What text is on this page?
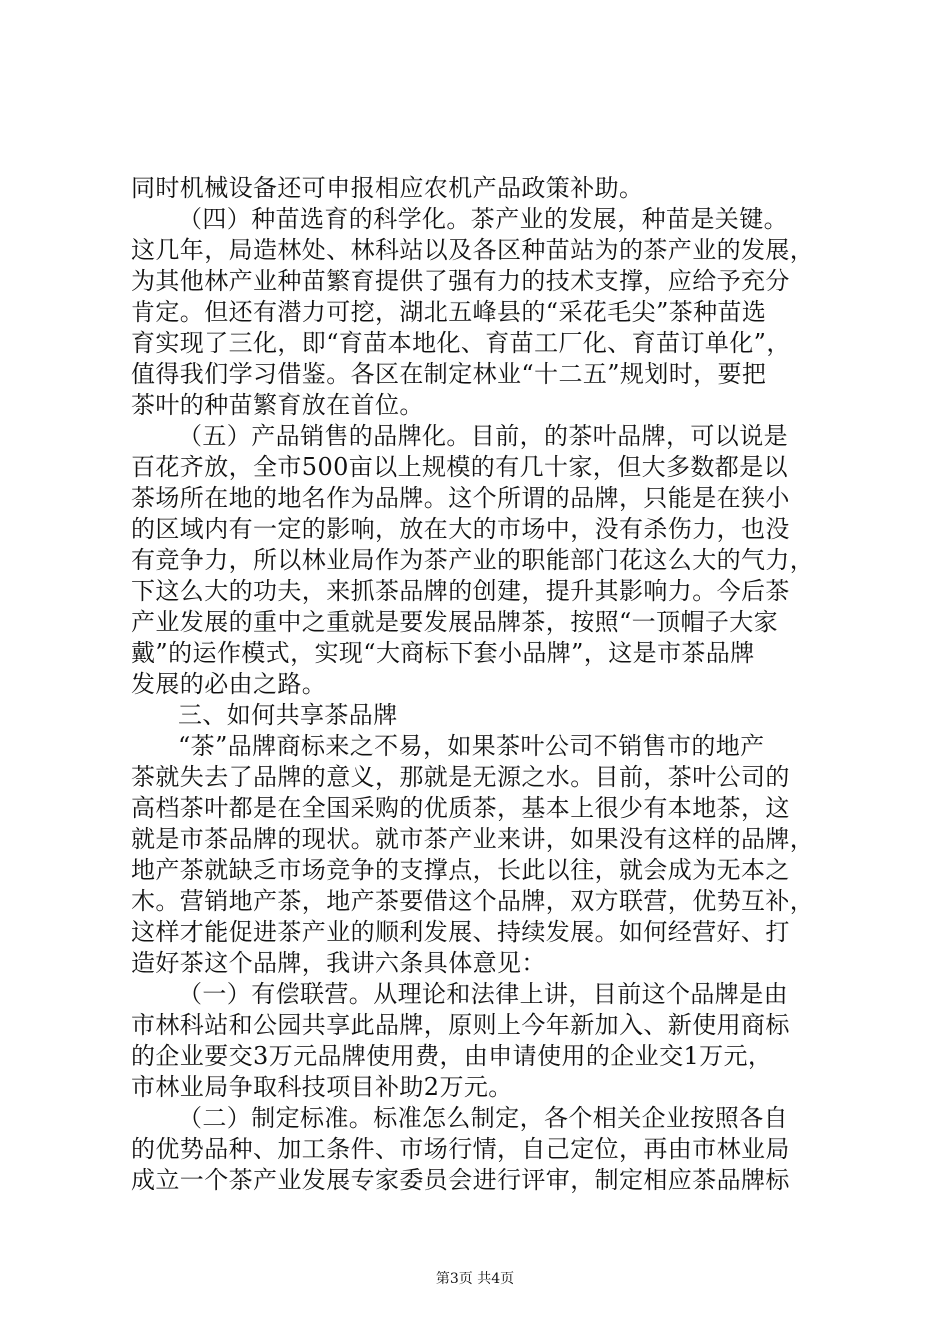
同时机械设备还可申报相应农机产品政策补助。
（四）种苗选育的科学化。茶产业的发展，种苗是关键。
这几年，局造林处、林科站以及各区种苗站为的茶产业的发展，
为其他林产业种苗繁育提供了强有力的技术支撑，应给予充分
肯定。但还有潜力可挖，湖北五峰县的“采花毛尖”茶种苗选
育实现了三化，即“育苗本地化、育苗工厂化、育苗订单化”，
值得我们学习借鉴。各区在制定林业“十二五”规划时，要把
茶叶的种苗繁育放在首位。
（五）产品销售的品牌化。目前，的茶叶品牌，可以说是
百花齐放，全市500亩以上规模的有几十家，但大多数都是以
茶场所在地的地名作为品牌。这个所谓的品牌，只能是在狭小
的区域内有一定的影响，放在大的市场中，没有杀伤力，也没
有竞争力，所以林业局作为茶产业的职能部门花这么大的气力，
下这么大的功夫，来抓茶品牌的创建，提升其影响力。今后茶
产业发展的重中之重就是要发展品牌茶，按照“一顶帽子大家
戴”的运作模式，实现“大商标下套小品牌”，这是市茶品牌
发展的必由之路。
三、如何共享茶品牌
“茶”品牌商标来之不易，如果茶叶公司不销售市的地产
茶就失去了品牌的意义，那就是无源之水。目前，茶叶公司的
高档茶叶都是在全国采购的优质茶，基本上很少有本地茶，这
就是市茶品牌的现状。就市茶产业来讲，如果没有这样的品牌，
地产茶就缺乏市场竞争的支撑点，长此以往，就会成为无本之
木。营销地产茶，地产茶要借这个品牌，双方联营，优势互补，
这样才能促进茶产业的顺利发展、持续发展。如何经营好、打
造好茶这个品牌，我讲六条具体意见：
（一）有偿联营。从理论和法律上讲，目前这个品牌是由
市林科站和公园共享此品牌，原则上今年新加入、新使用商标
的企业要交3万元品牌使用费，由申请使用的企业交1万元，
市林业局争取科技项目补助2万元。
（二）制定标准。标准怎么制定，各个相关企业按照各自
的优势品种、加工条件、市场行情，自己定位，再由市林业局
成立一个茶产业发展专家委员会进行评审，制定相应茶品牌标
第3页 共4页
